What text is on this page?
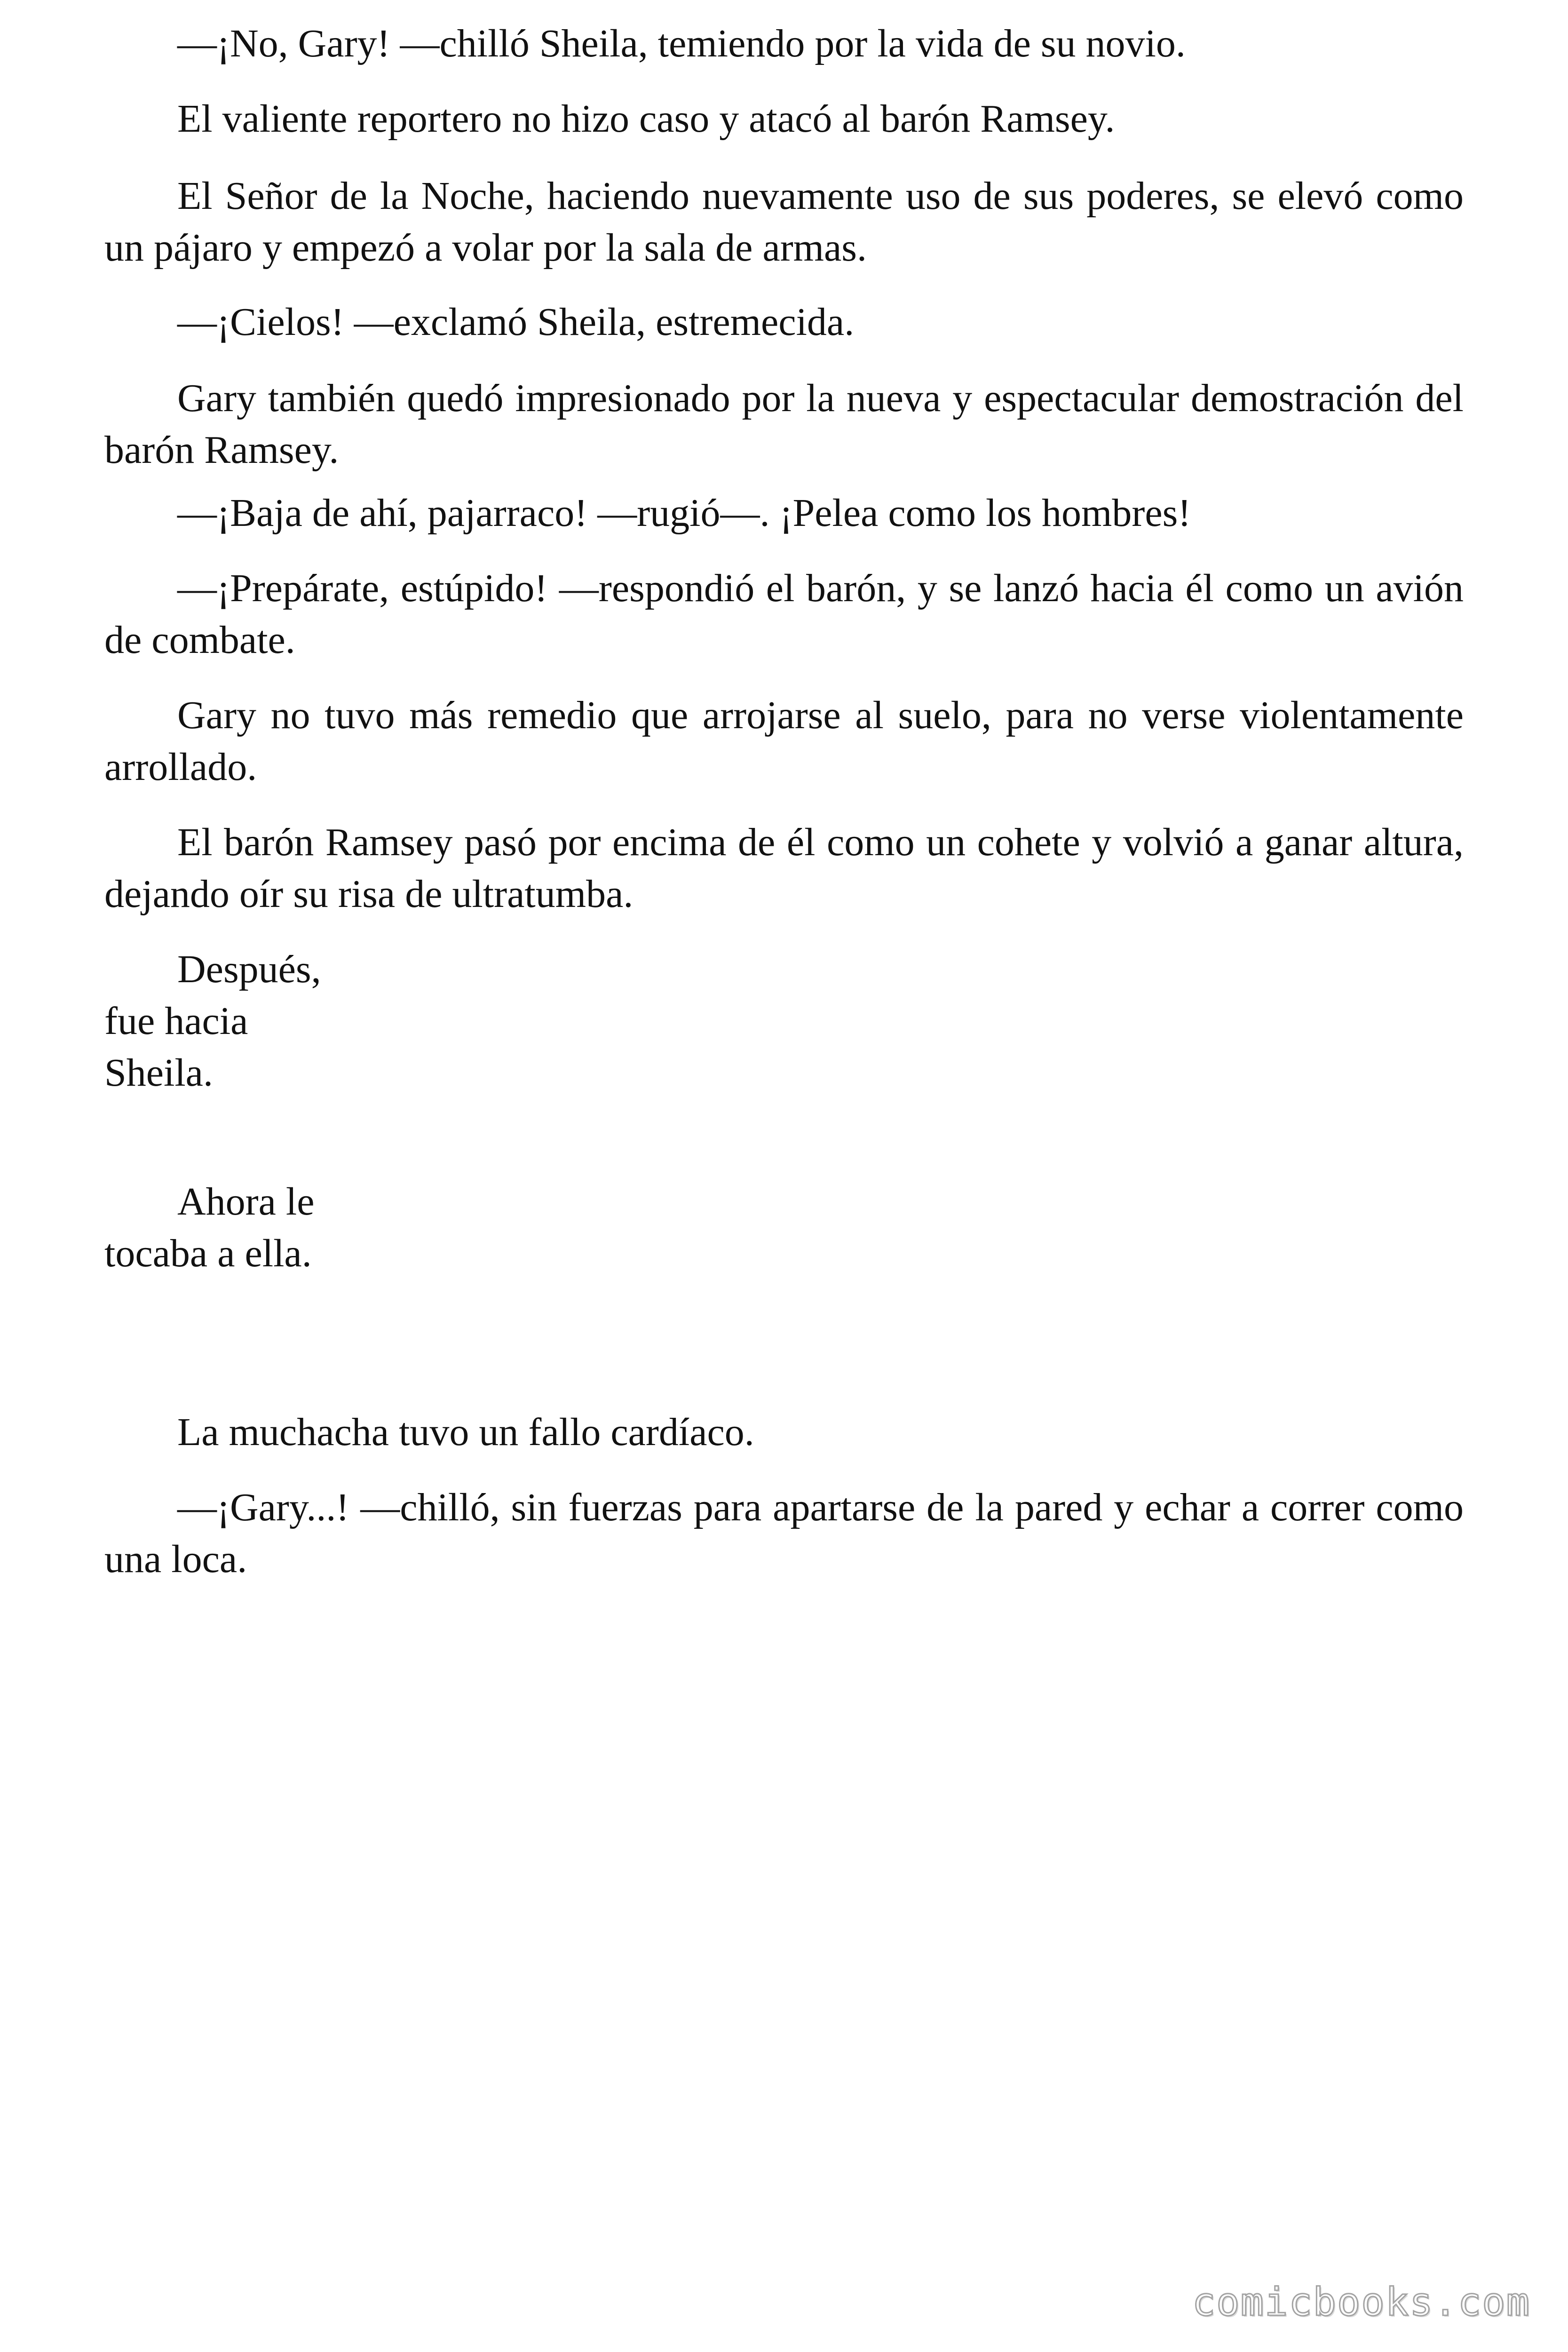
—¡No, Gary! —chilló Sheila, temiendo por la vida de su novio.

El valiente reportero no hizo caso y atacó al barón Ramsey.

El Señor de la Noche, haciendo nuevamente uso de sus poderes, se elevó como un pájaro y empezó a volar por la sala de armas.

—¡Cielos! —exclamó Sheila, estremecida.

Gary también quedó impresionado por la nueva y espectacular demostración del barón Ramsey.

—¡Baja de ahí, pajarraco! —rugió—. ¡Pelea como los hombres!

—¡Prepárate, estúpido! —respondió el barón, y se lanzó hacia él como un avión de combate.

Gary no tuvo más remedio que arrojarse al suelo, para no verse violentamente arrollado.

El barón Ramsey pasó por encima de él como un cohete y volvió a ganar altura, dejando oír su risa de ultratumba.

Después, fue hacia Sheila.

Ahora le tocaba a ella.

La muchacha tuvo un fallo cardíaco.

—¡Gary...! —chilló, sin fuerzas para apartarse de la pared y echar a correr como una loca.

comicbooks.com
